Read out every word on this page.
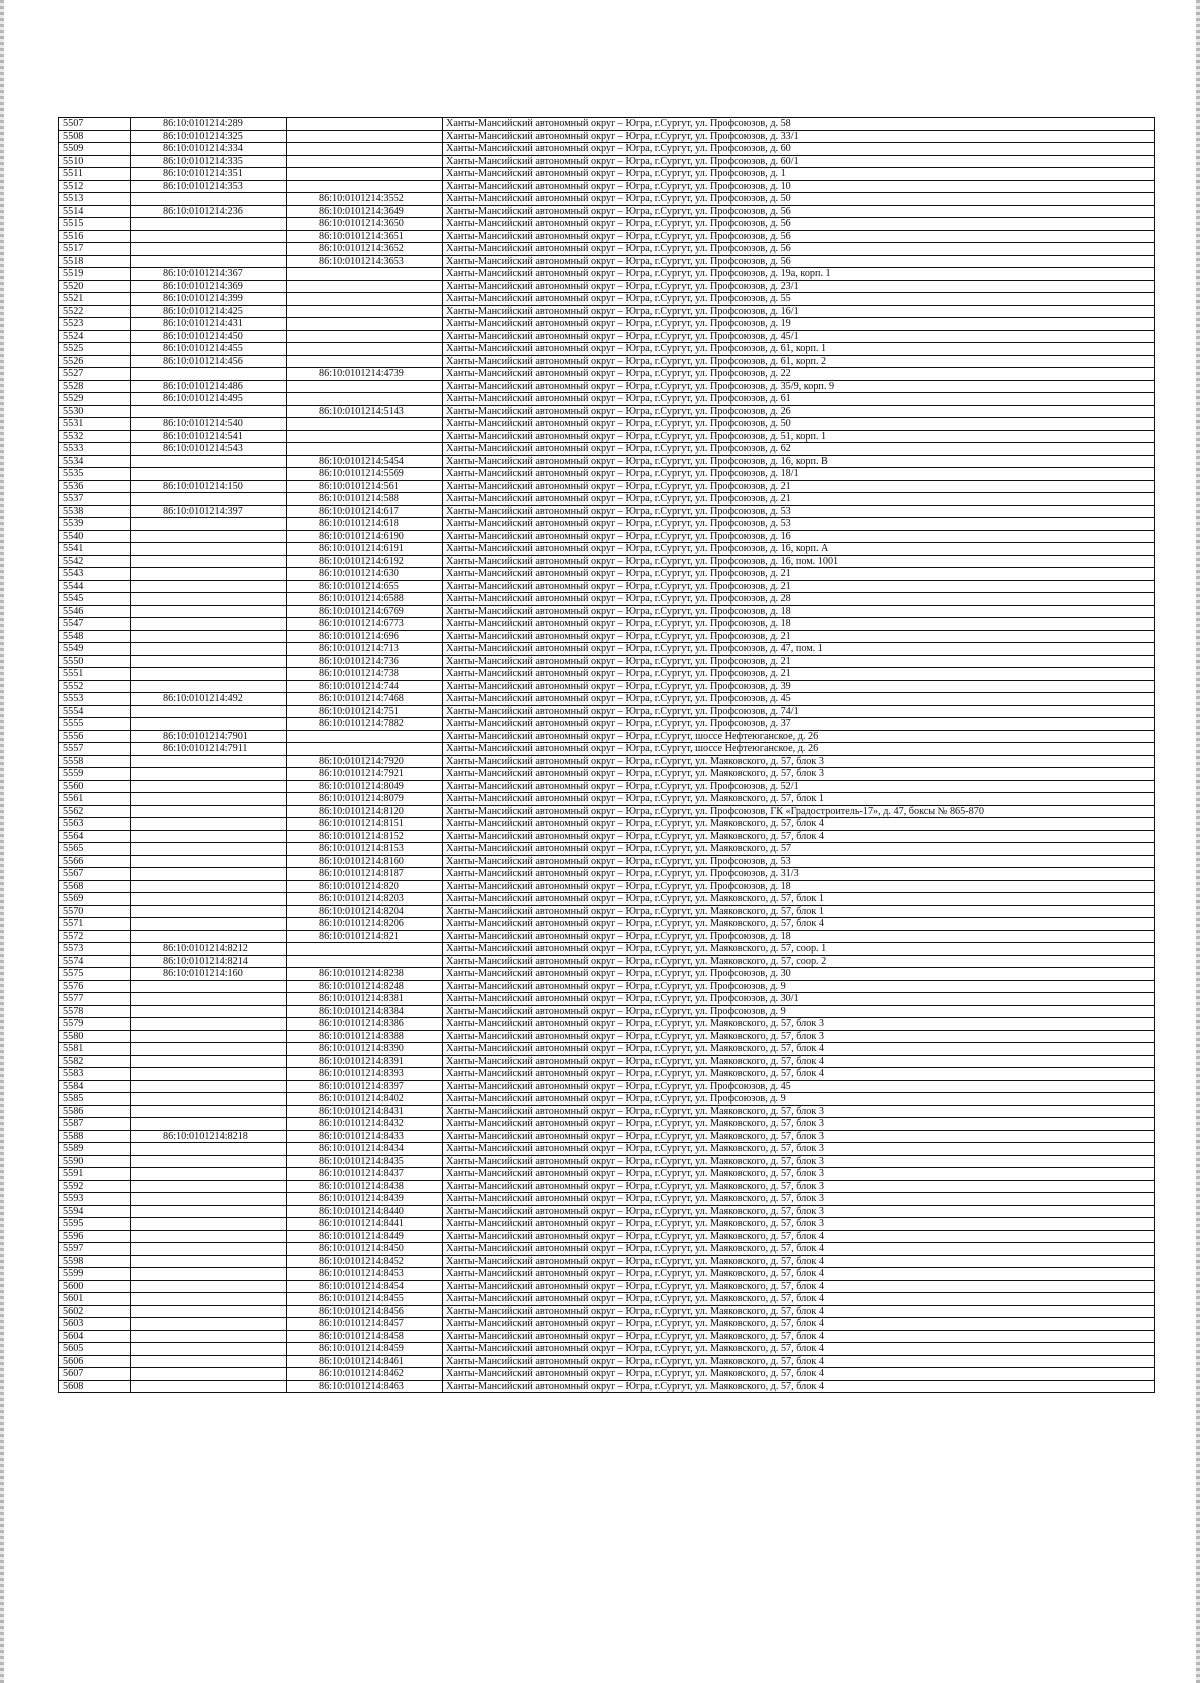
5507	86:10:0101214:289		Ханты-Мансийский автономный округ – Югра, г.Сургут, ул. Профсоюзов, д. 58
5508	86:10:0101214:325		Ханты-Мансийский автономный округ – Югра, г.Сургут, ул. Профсоюзов, д. 33/1
5509	86:10:0101214:334		Ханты-Мансийский автономный округ – Югра, г.Сургут, ул. Профсоюзов, д. 60
5510	86:10:0101214:335		Ханты-Мансийский автономный округ – Югра, г.Сургут, ул. Профсоюзов, д. 60/1
5511	86:10:0101214:351		Ханты-Мансийский автономный округ – Югра, г.Сургут, ул. Профсоюзов, д. 1
5512	86:10:0101214:353		Ханты-Мансийский автономный округ – Югра, г.Сургут, ул. Профсоюзов, д. 10
5513		86:10:0101214:3552	Ханты-Мансийский автономный округ – Югра, г.Сургут, ул. Профсоюзов, д. 50
5514	86:10:0101214:236	86:10:0101214:3649	Ханты-Мансийский автономный округ – Югра, г.Сургут, ул. Профсоюзов, д. 56
5515		86:10:0101214:3650	Ханты-Мансийский автономный округ – Югра, г.Сургут, ул. Профсоюзов, д. 56
5516		86:10:0101214:3651	Ханты-Мансийский автономный округ – Югра, г.Сургут, ул. Профсоюзов, д. 56
5517		86:10:0101214:3652	Ханты-Мансийский автономный округ – Югра, г.Сургут, ул. Профсоюзов, д. 56
5518		86:10:0101214:3653	Ханты-Мансийский автономный округ – Югра, г.Сургут, ул. Профсоюзов, д. 56
5519	86:10:0101214:367		Ханты-Мансийский автономный округ – Югра, г.Сургут, ул. Профсоюзов, д. 19а, корп. 1
5520	86:10:0101214:369		Ханты-Мансийский автономный округ – Югра, г.Сургут, ул. Профсоюзов, д. 23/1
5521	86:10:0101214:399		Ханты-Мансийский автономный округ – Югра, г.Сургут, ул. Профсоюзов, д. 55
5522	86:10:0101214:425		Ханты-Мансийский автономный округ – Югра, г.Сургут, ул. Профсоюзов, д. 16/1
5523	86:10:0101214:431		Ханты-Мансийский автономный округ – Югра, г.Сургут, ул. Профсоюзов, д. 19
5524	86:10:0101214:450		Ханты-Мансийский автономный округ – Югра, г.Сургут, ул. Профсоюзов, д. 45/1
5525	86:10:0101214:455		Ханты-Мансийский автономный округ – Югра, г.Сургут, ул. Профсоюзов, д. 61, корп. 1
5526	86:10:0101214:456		Ханты-Мансийский автономный округ – Югра, г.Сургут, ул. Профсоюзов, д. 61, корп. 2
5527		86:10:0101214:4739	Ханты-Мансийский автономный округ – Югра, г.Сургут, ул. Профсоюзов, д. 22
5528	86:10:0101214:486		Ханты-Мансийский автономный округ – Югра, г.Сургут, ул. Профсоюзов, д. 35/9, корп. 9
5529	86:10:0101214:495		Ханты-Мансийский автономный округ – Югра, г.Сургут, ул. Профсоюзов, д. 61
5530		86:10:0101214:5143	Ханты-Мансийский автономный округ – Югра, г.Сургут, ул. Профсоюзов, д. 26
5531	86:10:0101214:540		Ханты-Мансийский автономный округ – Югра, г.Сургут, ул. Профсоюзов, д. 50
5532	86:10:0101214:541		Ханты-Мансийский автономный округ – Югра, г.Сургут, ул. Профсоюзов, д. 51, корп. 1
5533	86:10:0101214:543		Ханты-Мансийский автономный округ – Югра, г.Сургут, ул. Профсоюзов, д. 62
5534		86:10:0101214:5454	Ханты-Мансийский автономный округ – Югра, г.Сургут, ул. Профсоюзов, д. 16, корп. В
5535		86:10:0101214:5569	Ханты-Мансийский автономный округ – Югра, г.Сургут, ул. Профсоюзов, д. 18/1
5536	86:10:0101214:150	86:10:0101214:561	Ханты-Мансийский автономный округ – Югра, г.Сургут, ул. Профсоюзов, д. 21
5537		86:10:0101214:588	Ханты-Мансийский автономный округ – Югра, г.Сургут, ул. Профсоюзов, д. 21
5538	86:10:0101214:397	86:10:0101214:617	Ханты-Мансийский автономный округ – Югра, г.Сургут, ул. Профсоюзов, д. 53
5539		86:10:0101214:618	Ханты-Мансийский автономный округ – Югра, г.Сургут, ул. Профсоюзов, д. 53
5540		86:10:0101214:6190	Ханты-Мансийский автономный округ – Югра, г.Сургут, ул. Профсоюзов, д. 16
5541		86:10:0101214:6191	Ханты-Мансийский автономный округ – Югра, г.Сургут, ул. Профсоюзов, д. 16, корп. А
5542		86:10:0101214:6192	Ханты-Мансийский автономный округ – Югра, г.Сургут, ул. Профсоюзов, д. 16, пом. 1001
5543		86:10:0101214:630	Ханты-Мансийский автономный округ – Югра, г.Сургут, ул. Профсоюзов, д. 21
5544		86:10:0101214:655	Ханты-Мансийский автономный округ – Югра, г.Сургут, ул. Профсоюзов, д. 21
5545		86:10:0101214:6588	Ханты-Мансийский автономный округ – Югра, г.Сургут, ул. Профсоюзов, д. 28
5546		86:10:0101214:6769	Ханты-Мансийский автономный округ – Югра, г.Сургут, ул. Профсоюзов, д. 18
5547		86:10:0101214:6773	Ханты-Мансийский автономный округ – Югра, г.Сургут, ул. Профсоюзов, д. 18
5548		86:10:0101214:696	Ханты-Мансийский автономный округ – Югра, г.Сургут, ул. Профсоюзов, д. 21
5549		86:10:0101214:713	Ханты-Мансийский автономный округ – Югра, г.Сургут, ул. Профсоюзов, д. 47, пом. 1
5550		86:10:0101214:736	Ханты-Мансийский автономный округ – Югра, г.Сургут, ул. Профсоюзов, д. 21
5551		86:10:0101214:738	Ханты-Мансийский автономный округ – Югра, г.Сургут, ул. Профсоюзов, д. 21
5552		86:10:0101214:744	Ханты-Мансийский автономный округ – Югра, г.Сургут, ул. Профсоюзов, д. 39
5553	86:10:0101214:492	86:10:0101214:7468	Ханты-Мансийский автономный округ – Югра, г.Сургут, ул. Профсоюзов, д. 45
5554		86:10:0101214:751	Ханты-Мансийский автономный округ – Югра, г.Сургут, ул. Профсоюзов, д. 74/1
5555		86:10:0101214:7882	Ханты-Мансийский автономный округ – Югра, г.Сургут, ул. Профсоюзов, д. 37
5556	86:10:0101214:7901		Ханты-Мансийский автономный округ – Югра, г.Сургут, шоссе Нефтеюганское, д. 26
5557	86:10:0101214:7911		Ханты-Мансийский автономный округ – Югра, г.Сургут, шоссе Нефтеюганское, д. 26
5558		86:10:0101214:7920	Ханты-Мансийский автономный округ – Югра, г.Сургут, ул. Маяковского, д. 57, блок 3
5559		86:10:0101214:7921	Ханты-Мансийский автономный округ – Югра, г.Сургут, ул. Маяковского, д. 57, блок 3
5560		86:10:0101214:8049	Ханты-Мансийский автономный округ – Югра, г.Сургут, ул. Профсоюзов, д. 52/1
5561		86:10:0101214:8079	Ханты-Мансийский автономный округ – Югра, г.Сургут, ул. Маяковского, д. 57, блок 1
5562		86:10:0101214:8120	Ханты-Мансийский автономный округ – Югра, г.Сургут, ул. Профсоюзов, ГК «Градостроитель-17», д. 47, боксы № 865-870
5563		86:10:0101214:8151	Ханты-Мансийский автономный округ – Югра, г.Сургут, ул. Маяковского, д. 57, блок 4
5564		86:10:0101214:8152	Ханты-Мансийский автономный округ – Югра, г.Сургут, ул. Маяковского, д. 57, блок 4
5565		86:10:0101214:8153	Ханты-Мансийский автономный округ – Югра, г.Сургут, ул. Маяковского, д. 57
5566		86:10:0101214:8160	Ханты-Мансийский автономный округ – Югра, г.Сургут, ул. Профсоюзов, д. 53
5567		86:10:0101214:8187	Ханты-Мансийский автономный округ – Югра, г.Сургут, ул. Профсоюзов, д. 31/3
5568		86:10:0101214:820	Ханты-Мансийский автономный округ – Югра, г.Сургут, ул. Профсоюзов, д. 18
5569		86:10:0101214:8203	Ханты-Мансийский автономный округ – Югра, г.Сургут, ул. Маяковского, д. 57, блок 1
5570		86:10:0101214:8204	Ханты-Мансийский автономный округ – Югра, г.Сургут, ул. Маяковского, д. 57, блок 1
5571		86:10:0101214:8206	Ханты-Мансийский автономный округ – Югра, г.Сургут, ул. Маяковского, д. 57, блок 4
5572		86:10:0101214:821	Ханты-Мансийский автономный округ – Югра, г.Сургут, ул. Профсоюзов, д. 18
5573	86:10:0101214:8212		Ханты-Мансийский автономный округ – Югра, г.Сургут, ул. Маяковского, д. 57, соор. 1
5574	86:10:0101214:8214		Ханты-Мансийский автономный округ – Югра, г.Сургут, ул. Маяковского, д. 57, соор. 2
5575	86:10:0101214:160	86:10:0101214:8238	Ханты-Мансийский автономный округ – Югра, г.Сургут, ул. Профсоюзов, д. 30
5576		86:10:0101214:8248	Ханты-Мансийский автономный округ – Югра, г.Сургут, ул. Профсоюзов, д. 9
5577		86:10:0101214:8381	Ханты-Мансийский автономный округ – Югра, г.Сургут, ул. Профсоюзов, д. 30/1
5578		86:10:0101214:8384	Ханты-Мансийский автономный округ – Югра, г.Сургут, ул. Профсоюзов, д. 9
5579		86:10:0101214:8386	Ханты-Мансийский автономный округ – Югра, г.Сургут, ул. Маяковского, д. 57, блок 3
5580		86:10:0101214:8388	Ханты-Мансийский автономный округ – Югра, г.Сургут, ул. Маяковского, д. 57, блок 3
5581		86:10:0101214:8390	Ханты-Мансийский автономный округ – Югра, г.Сургут, ул. Маяковского, д. 57, блок 4
5582		86:10:0101214:8391	Ханты-Мансийский автономный округ – Югра, г.Сургут, ул. Маяковского, д. 57, блок 4
5583		86:10:0101214:8393	Ханты-Мансийский автономный округ – Югра, г.Сургут, ул. Маяковского, д. 57, блок 4
5584		86:10:0101214:8397	Ханты-Мансийский автономный округ – Югра, г.Сургут, ул. Профсоюзов, д. 45
5585		86:10:0101214:8402	Ханты-Мансийский автономный округ – Югра, г.Сургут, ул. Профсоюзов, д. 9
5586		86:10:0101214:8431	Ханты-Мансийский автономный округ – Югра, г.Сургут, ул. Маяковского, д. 57, блок 3
5587		86:10:0101214:8432	Ханты-Мансийский автономный округ – Югра, г.Сургут, ул. Маяковского, д. 57, блок 3
5588	86:10:0101214:8218	86:10:0101214:8433	Ханты-Мансийский автономный округ – Югра, г.Сургут, ул. Маяковского, д. 57, блок 3
5589		86:10:0101214:8434	Ханты-Мансийский автономный округ – Югра, г.Сургут, ул. Маяковского, д. 57, блок 3
5590		86:10:0101214:8435	Ханты-Мансийский автономный округ – Югра, г.Сургут, ул. Маяковского, д. 57, блок 3
5591		86:10:0101214:8437	Ханты-Мансийский автономный округ – Югра, г.Сургут, ул. Маяковского, д. 57, блок 3
5592		86:10:0101214:8438	Ханты-Мансийский автономный округ – Югра, г.Сургут, ул. Маяковского, д. 57, блок 3
5593		86:10:0101214:8439	Ханты-Мансийский автономный округ – Югра, г.Сургут, ул. Маяковского, д. 57, блок 3
5594		86:10:0101214:8440	Ханты-Мансийский автономный округ – Югра, г.Сургут, ул. Маяковского, д. 57, блок 3
5595		86:10:0101214:8441	Ханты-Мансийский автономный округ – Югра, г.Сургут, ул. Маяковского, д. 57, блок 3
5596		86:10:0101214:8449	Ханты-Мансийский автономный округ – Югра, г.Сургут, ул. Маяковского, д. 57, блок 4
5597		86:10:0101214:8450	Ханты-Мансийский автономный округ – Югра, г.Сургут, ул. Маяковского, д. 57, блок 4
5598		86:10:0101214:8452	Ханты-Мансийский автономный округ – Югра, г.Сургут, ул. Маяковского, д. 57, блок 4
5599		86:10:0101214:8453	Ханты-Мансийский автономный округ – Югра, г.Сургут, ул. Маяковского, д. 57, блок 4
5600		86:10:0101214:8454	Ханты-Мансийский автономный округ – Югра, г.Сургут, ул. Маяковского, д. 57, блок 4
5601		86:10:0101214:8455	Ханты-Мансийский автономный округ – Югра, г.Сургут, ул. Маяковского, д. 57, блок 4
5602		86:10:0101214:8456	Ханты-Мансийский автономный округ – Югра, г.Сургут, ул. Маяковского, д. 57, блок 4
5603		86:10:0101214:8457	Ханты-Мансийский автономный округ – Югра, г.Сургут, ул. Маяковского, д. 57, блок 4
5604		86:10:0101214:8458	Ханты-Мансийский автономный округ – Югра, г.Сургут, ул. Маяковского, д. 57, блок 4
5605		86:10:0101214:8459	Ханты-Мансийский автономный округ – Югра, г.Сургут, ул. Маяковского, д. 57, блок 4
5606		86:10:0101214:8461	Ханты-Мансийский автономный округ – Югра, г.Сургут, ул. Маяковского, д. 57, блок 4
5607		86:10:0101214:8462	Ханты-Мансийский автономный округ – Югра, г.Сургут, ул. Маяковского, д. 57, блок 4
5608		86:10:0101214:8463	Ханты-Мансийский автономный округ – Югра, г.Сургут, ул. Маяковского, д. 57, блок 4
